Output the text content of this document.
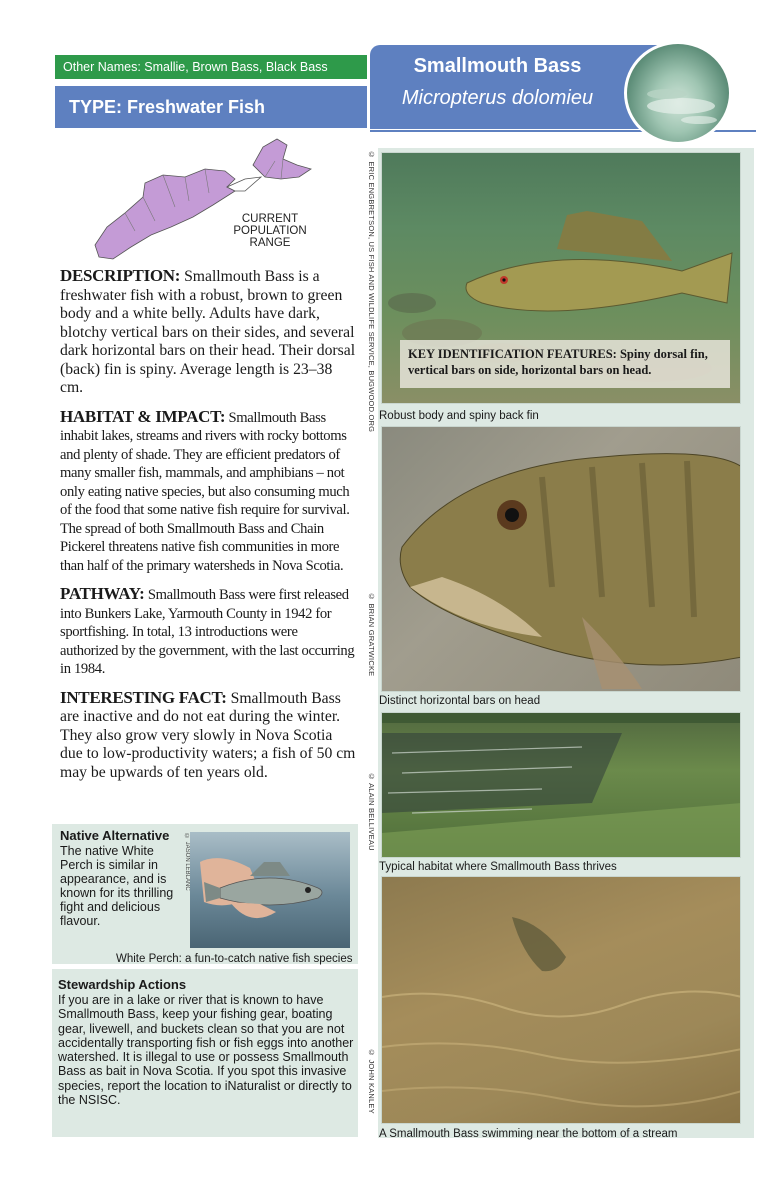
Other Names: Smallie, Brown Bass, Black Bass
TYPE: Freshwater Fish
Smallmouth Bass
Micropterus dolomieu
CURRENT
POPULATION
RANGE

DESCRIPTION: Smallmouth Bass is a freshwater fish with a robust, brown to green body and a white belly. Adults have dark, blotchy vertical bars on their sides, and several dark horizontal bars on their head. Their dorsal (back) fin is spiny. Average length is 23–38 cm.

HABITAT & IMPACT: Smallmouth Bass inhabit lakes, streams and rivers with rocky bottoms and plenty of shade. They are efficient predators of many smaller fish, mammals, and amphibians – not only eating native species, but also consuming much of the food that some native fish require for survival. The spread of both Smallmouth Bass and Chain Pickerel threatens native fish communities in more than half of the primary watersheds in Nova Scotia.

PATHWAY: Smallmouth Bass were first released into Bunkers Lake, Yarmouth County in 1942 for sportfishing. In total, 13 introductions were authorized by the government, with the last occurring in 1984.

INTERESTING FACT: Smallmouth Bass are inactive and do not eat during the winter. They also grow very slowly in Nova Scotia due to low-productivity waters; a fish of 50 cm may be upwards of ten years old.

Native Alternative
The native White Perch is similar in appearance, and is known for its thrilling fight and delicious flavour.
© JASON LEBLANC
White Perch: a fun-to-catch native fish species
Stewardship Actions
If you are in a lake or river that is known to have Smallmouth Bass, keep your fishing gear, boating gear, livewell, and buckets clean so that you are not accidentally transporting fish or fish eggs into another watershed. It is illegal to use or possess Smallmouth Bass as bait in Nova Scotia. If you spot this invasive species, report the location to iNaturalist or directly to the NSISC.
© ERIC ENGBRETSON, US FISH AND WILDLIFE SERVICE, BUGWOOD.ORG	KEY IDENTIFICATION FEATURES: Spiny dorsal fin, vertical bars on side, horizontal bars on head.
Robust body and spiny back fin
© BRIAN GRATWICKE
Distinct horizontal bars on head
© ALAIN BELLIVEAU
Typical habitat where Smallmouth Bass thrives
© JOHN KANLEY
A Smallmouth Bass swimming near the bottom of a stream
